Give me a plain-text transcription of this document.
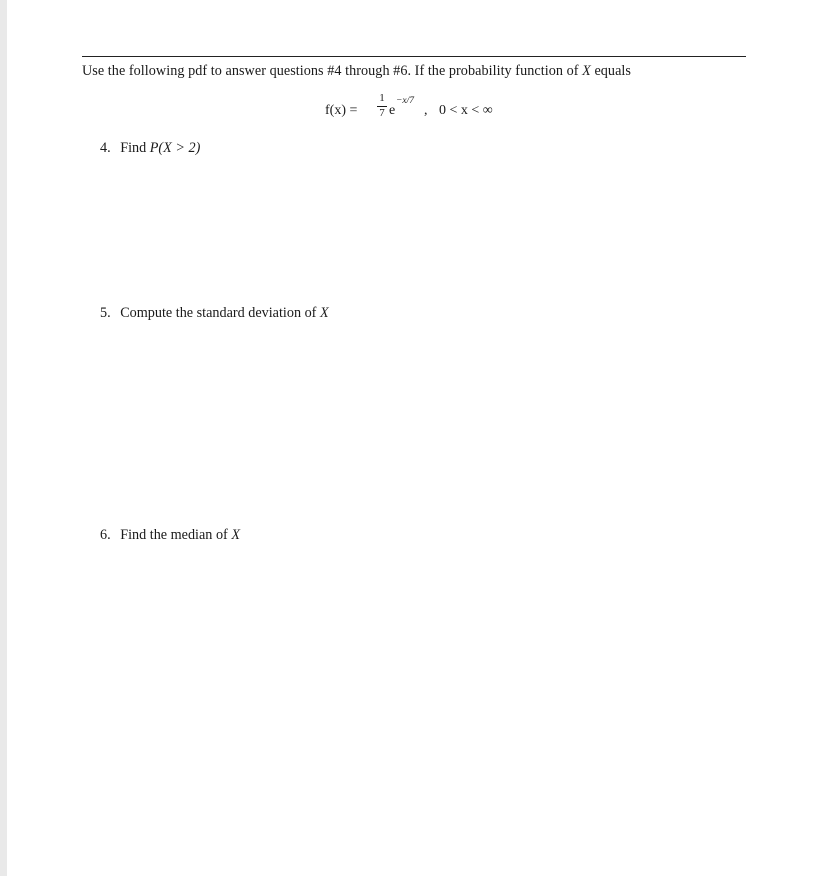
Use the following pdf to answer questions #4 through #6. If the probability function of X equals
f(x) =
1
7 e
−x/7
, 0 < x < ∞
4. Find P(X > 2)
5. Compute the standard deviation of X
6. Find the median of X
